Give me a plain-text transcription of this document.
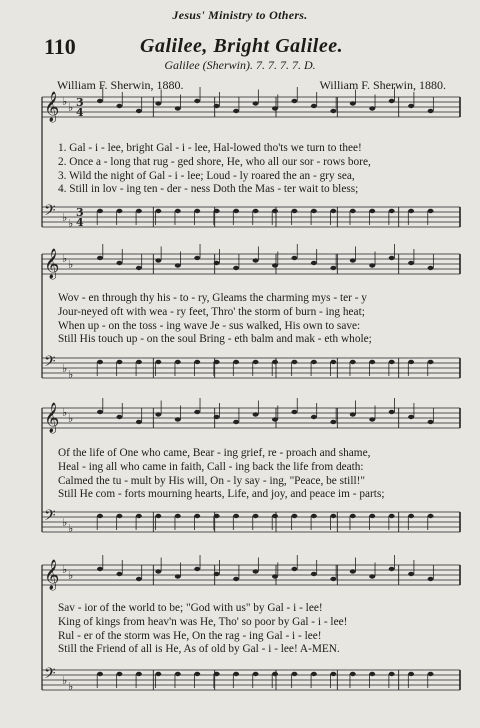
Jesus' Ministry to Others.
110	Galilee, Bright Galilee.
Galilee (Sherwin). 7. 7. 7. 7. D.
William F. Sherwin, 1880.	William F. Sherwin, 1880.
𝄞 ♭ ♭ 3
4
𝄢 ♭ ♭
3
4
𝄞 ♭ ♭
𝄢 ♭ ♭
𝄞 ♭ ♭
𝄢 ♭ ♭
𝄞 ♭ ♭
𝄢 ♭ ♭
1. Gal - i - lee, bright Gal - i - lee, Hal-lowed tho'ts we turn to thee!
2. Once a - long that rug - ged shore, He, who all our sor - rows bore,
3. Wild the night of Gal - i - lee; Loud - ly roared the an - gry sea,
4. Still in lov - ing ten - der - ness Doth the Mas - ter wait to bless;
Wov - en through thy his - to - ry, Gleams the charming mys - ter - y
Jour-neyed oft with wea - ry feet, Thro' the storm of burn - ing heat;
When up - on the toss - ing wave Je - sus walked, His own to save:
Still His touch up - on the soul Bring - eth balm and mak - eth whole;
Of the life of One who came, Bear - ing grief, re - proach and shame,
Heal - ing all who came in faith, Call - ing back the life from death:
Calmed the tu - mult by His will, On - ly say - ing, "Peace, be still!"
Still He com - forts mourning hearts, Life, and joy, and peace im - parts;
Sav - ior of the world to be; "God with us" by Gal - i - lee!
King of kings from heav'n was He, Tho' so poor by Gal - i - lee!
Rul - er of the storm was He, On the rag - ing Gal - i - lee!
Still the Friend of all is He, As of old by Gal - i - lee! A-MEN.
